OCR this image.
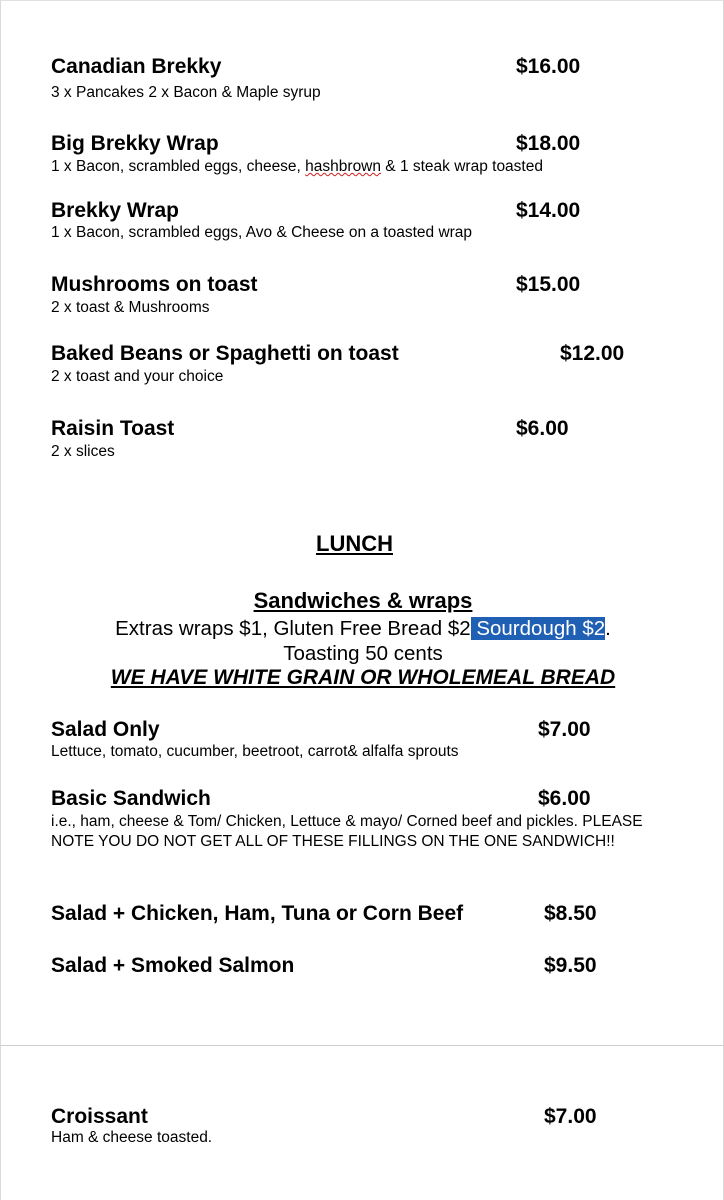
Canadian Brekky
3 x Pancakes 2 x Bacon & Maple syrup
$16.00
Big Brekky Wrap
1 x Bacon, scrambled eggs, cheese, hashbrown & 1 steak wrap toasted
$18.00
Brekky Wrap
1 x Bacon, scrambled eggs, Avo & Cheese on a toasted wrap
$14.00
Mushrooms on toast
2 x toast & Mushrooms
$15.00
Baked Beans or Spaghetti on toast
2 x toast and your choice
$12.00
Raisin Toast
2 x slices
$6.00
LUNCH
Sandwiches & wraps
Extras wraps $1, Gluten Free Bread $2 Sourdough $2.
Toasting 50 cents
WE HAVE WHITE GRAIN OR WHOLEMEAL BREAD
Salad Only
Lettuce, tomato, cucumber, beetroot, carrot& alfalfa sprouts
$7.00
Basic Sandwich
i.e., ham, cheese & Tom/ Chicken, Lettuce & mayo/ Corned beef and pickles. PLEASE NOTE YOU DO NOT GET ALL OF THESE FILLINGS ON THE ONE SANDWICH!!
$6.00
Salad + Chicken, Ham, Tuna or Corn Beef	$8.50
Salad + Smoked Salmon	$9.50
Croissant
Ham & cheese toasted.
$7.00
